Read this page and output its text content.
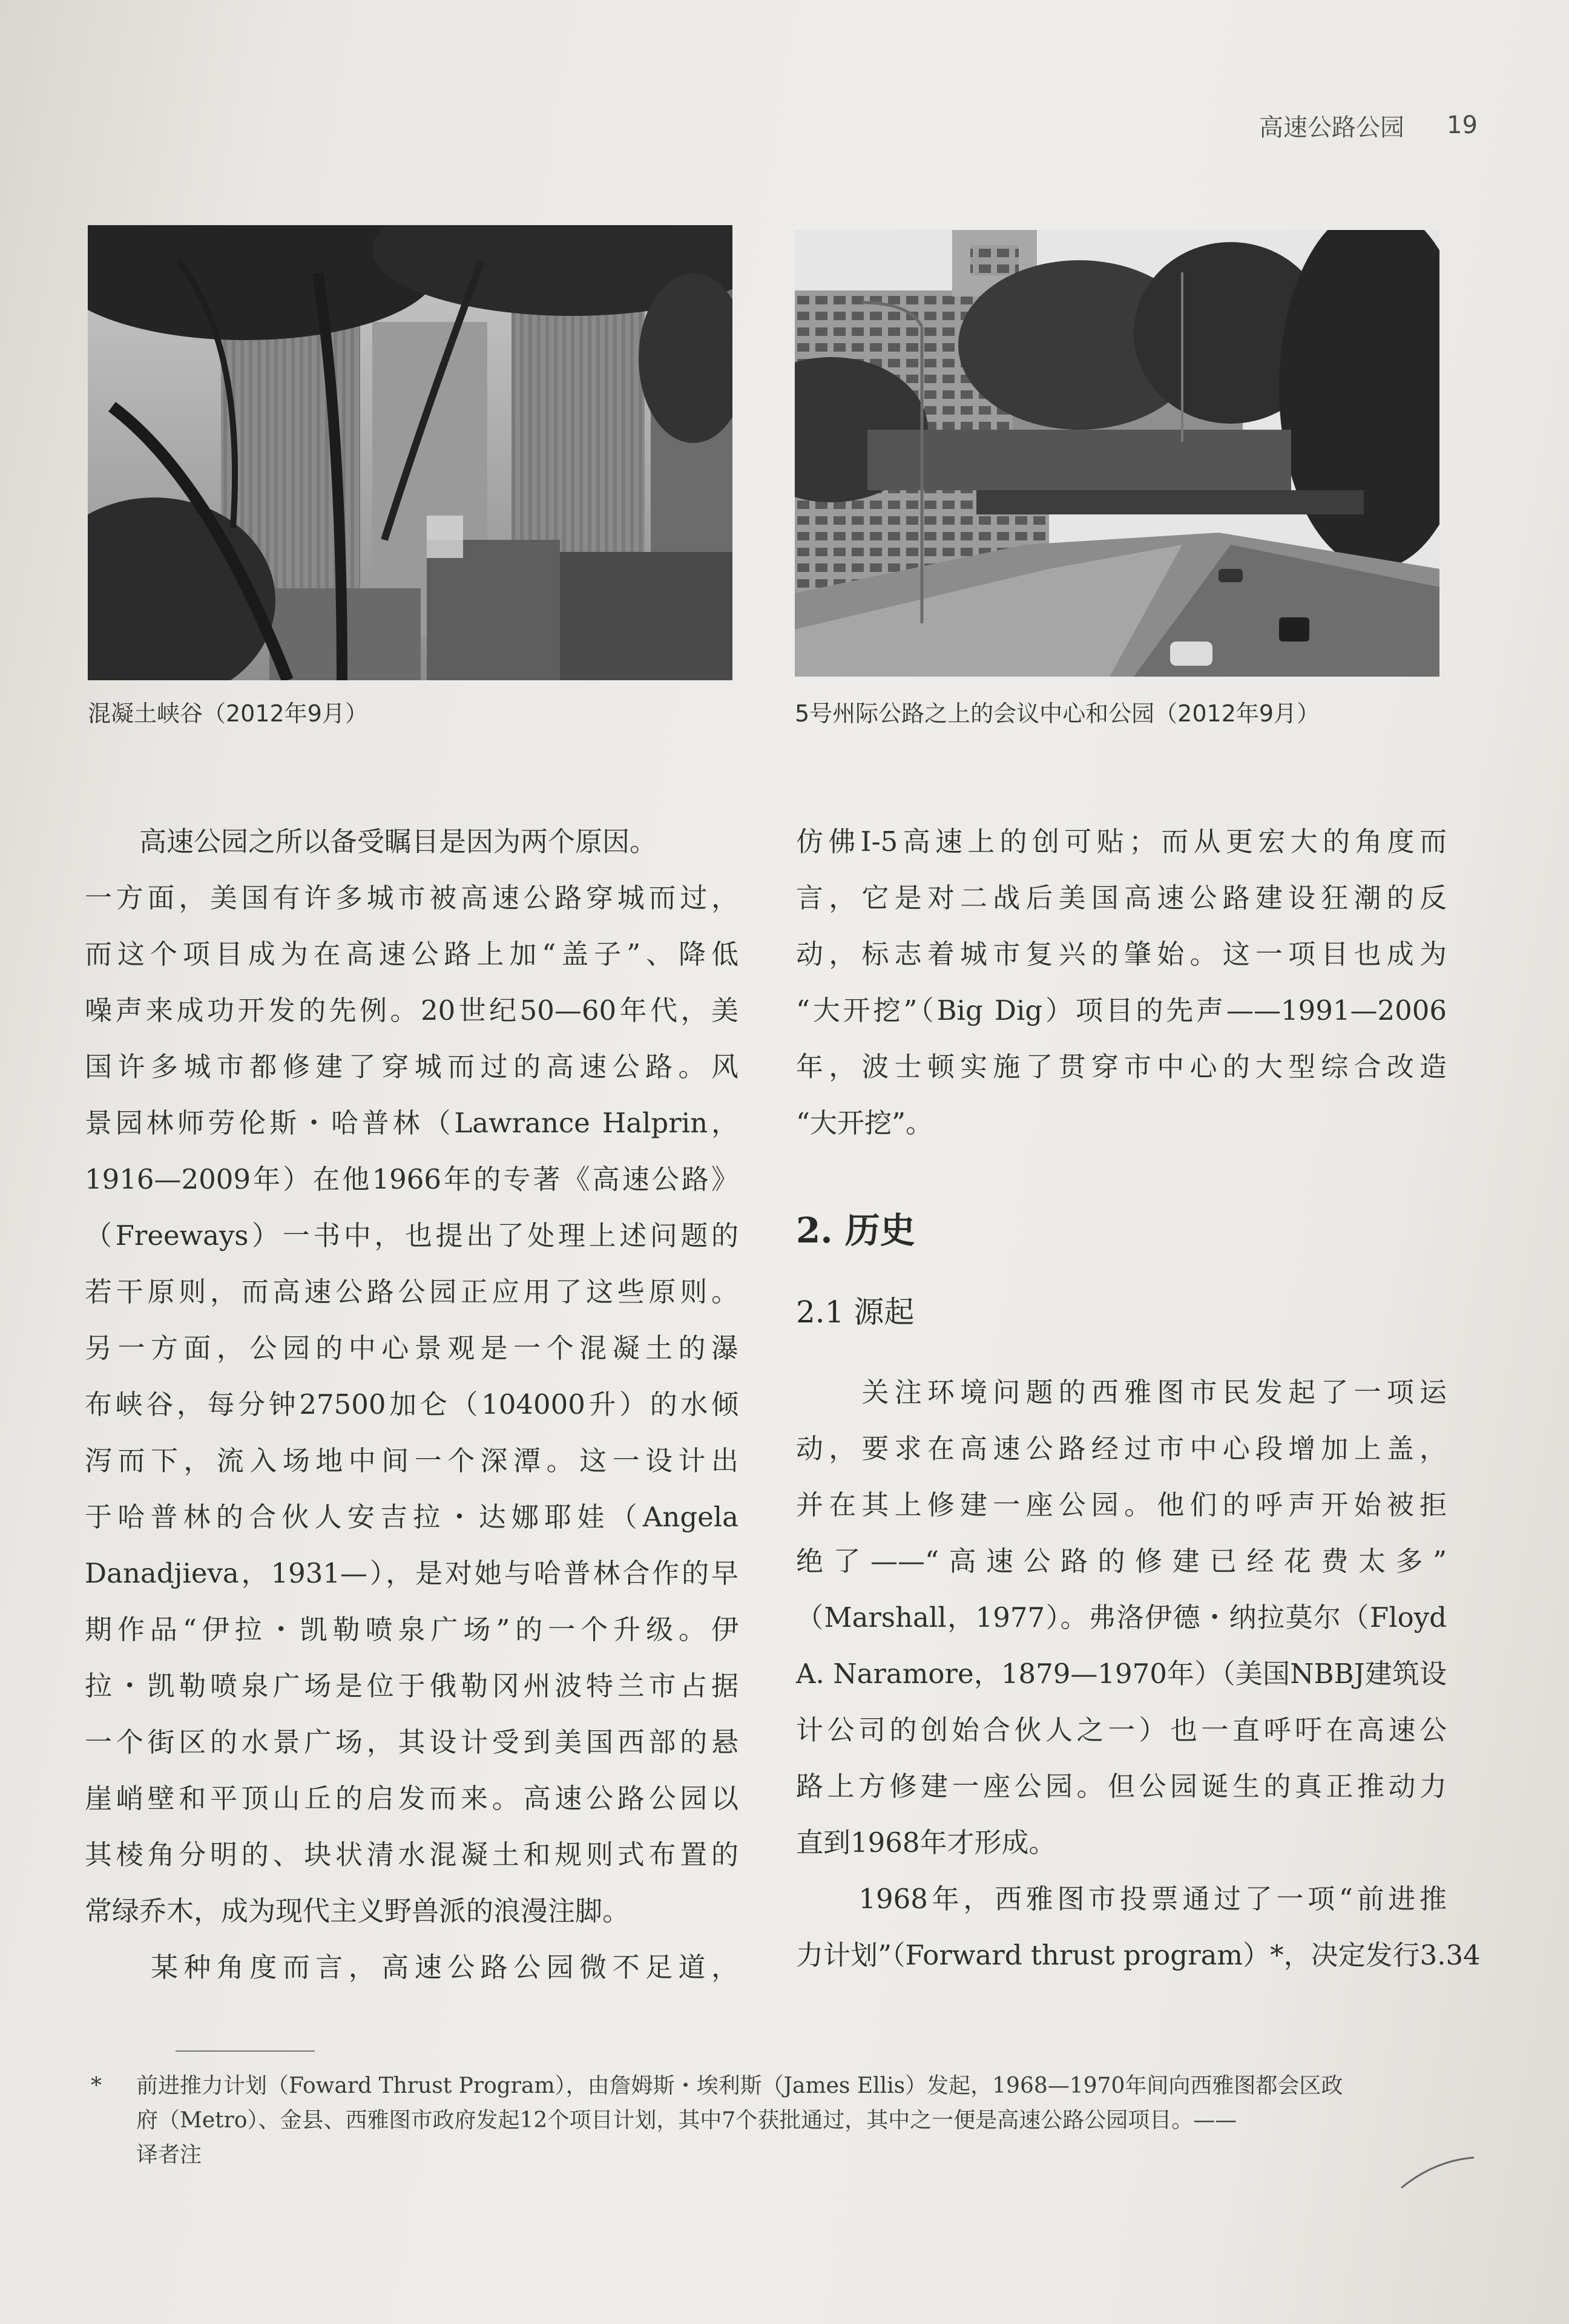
高速公路公园 19
混凝土峡谷（2012年9月）	5号州际公路之上的会议中心和公园（2012年9月）
　　高速公园之所以备受瞩目是因为两个原因。
一方面，美国有许多城市被高速公路穿城而过，
而这个项目成为在高速公路上加“盖子”、降低
噪声来成功开发的先例。20世纪50—60年代，美
国许多城市都修建了穿城而过的高速公路。风
景园林师劳伦斯・哈普林（Lawrance Halprin，
1916—2009年）在他1966年的专著《高速公路》
（Freeways）一书中，也提出了处理上述问题的
若干原则，而高速公路公园正应用了这些原则。
另一方面，公园的中心景观是一个混凝土的瀑
布峡谷，每分钟27500加仑（104000升）的水倾
泻而下，流入场地中间一个深潭。这一设计出
于哈普林的合伙人安吉拉・达娜耶娃（Angela
Danadjieva，1931—），是对她与哈普林合作的早
期作品“伊拉・凯勒喷泉广场”的一个升级。伊
拉・凯勒喷泉广场是位于俄勒冈州波特兰市占据
一个街区的水景广场，其设计受到美国西部的悬
崖峭壁和平顶山丘的启发而来。高速公路公园以
其棱角分明的、块状清水混凝土和规则式布置的
常绿乔木，成为现代主义野兽派的浪漫注脚。
　　某种角度而言，高速公路公园微不足道，
仿佛I-5高速上的创可贴；而从更宏大的角度而
言，它是对二战后美国高速公路建设狂潮的反
动，标志着城市复兴的肇始。这一项目也成为
“大开挖”（Big Dig）项目的先声——1991—2006
年，波士顿实施了贯穿市中心的大型综合改造
“大开挖”。
2. 历史
2.1 源起
　　关注环境问题的西雅图市民发起了一项运
动，要求在高速公路经过市中心段增加上盖，
并在其上修建一座公园。他们的呼声开始被拒
绝了——“高速公路的修建已经花费太多”
（Marshall，1977）。弗洛伊德・纳拉莫尔（Floyd
A. Naramore，1879—1970年）（美国NBBJ建筑设
计公司的创始合伙人之一）也一直呼吁在高速公
路上方修建一座公园。但公园诞生的真正推动力
直到1968年才形成。
　　1968年，西雅图市投票通过了一项“前进推
力计划”（Forward thrust program）*，决定发行3.34
* 前进推力计划（Foward Thrust Program），由詹姆斯・埃利斯（James Ellis）发起，1968—1970年间向西雅图都会区政
府（Metro）、金县、西雅图市政府发起12个项目计划，其中7个获批通过，其中之一便是高速公路公园项目。——
译者注
